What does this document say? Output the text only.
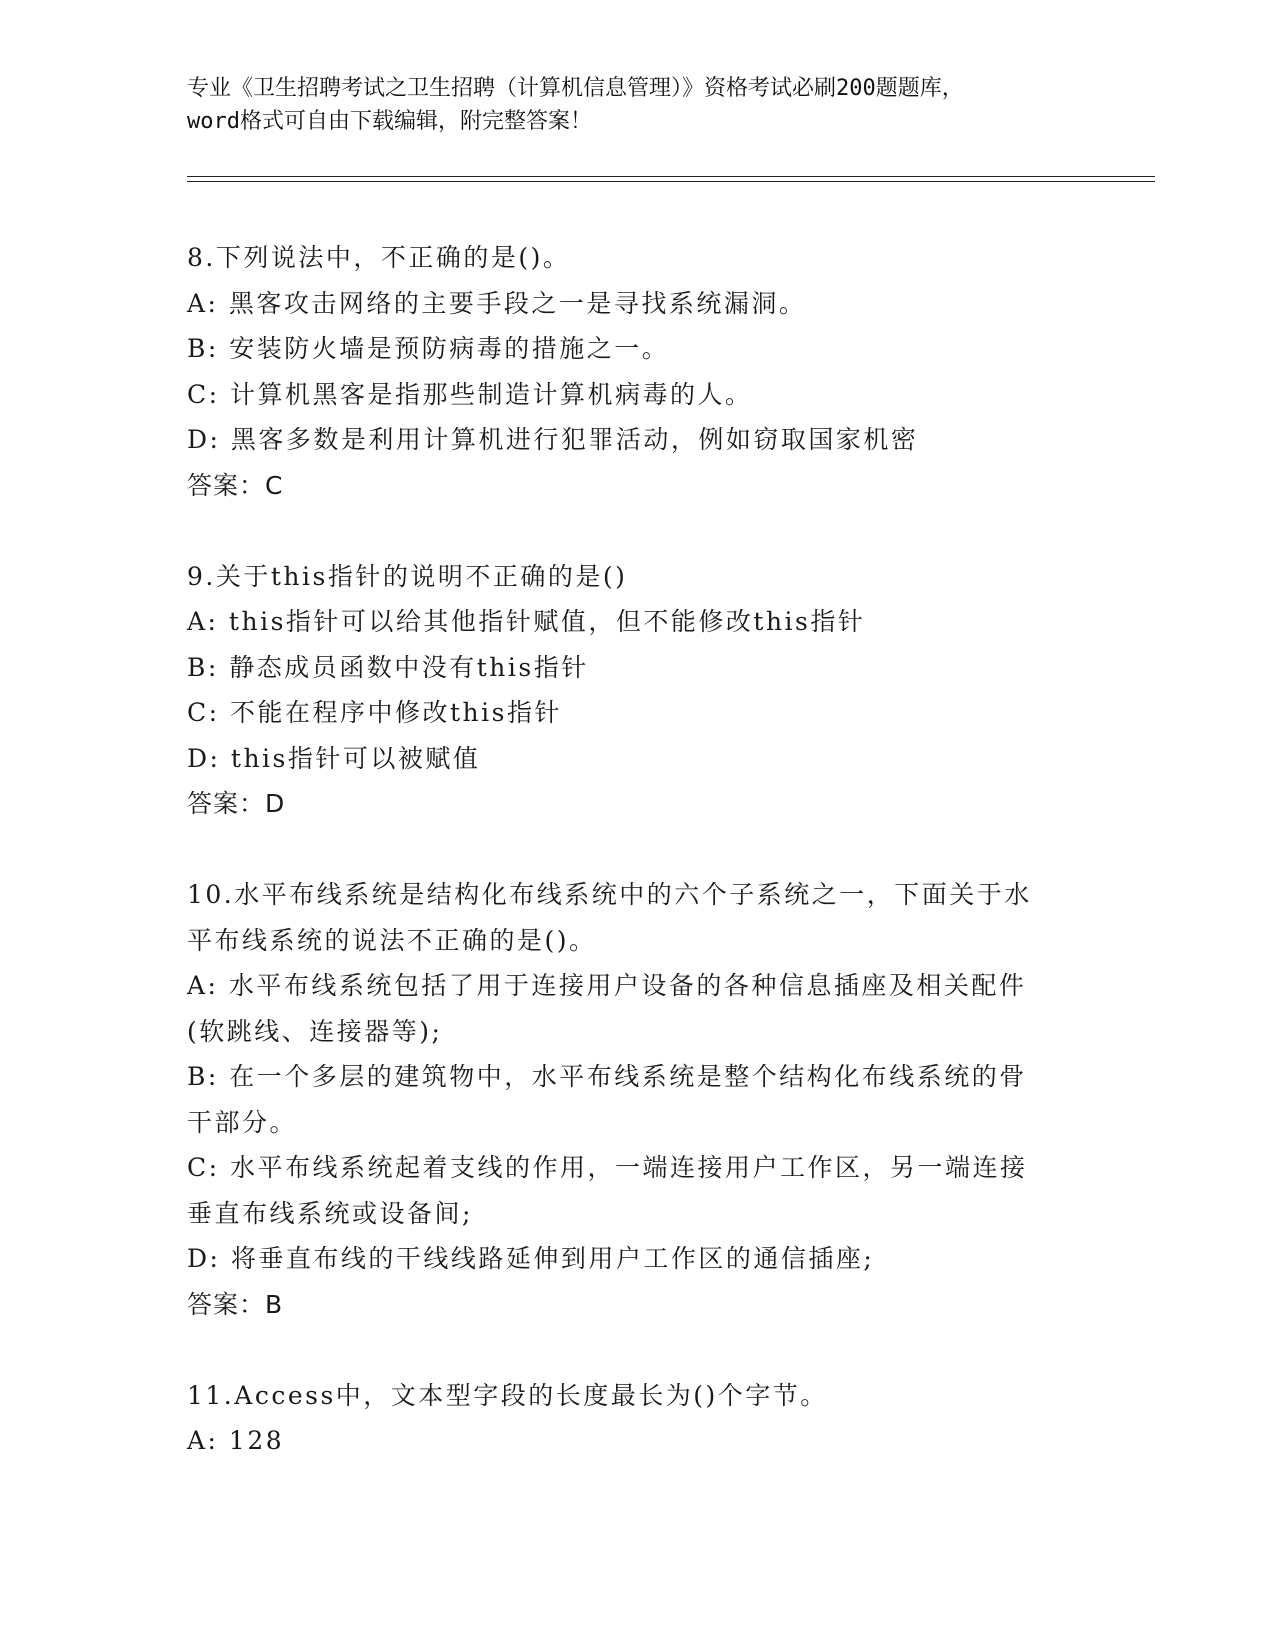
专业《卫生招聘考试之卫生招聘（计算机信息管理）》资格考试必刷200题题库，
word格式可自由下载编辑，附完整答案！
8.下列说法中，不正确的是()。
A: 黑客攻击网络的主要手段之一是寻找系统漏洞。
B: 安装防火墙是预防病毒的措施之一。
C: 计算机黑客是指那些制造计算机病毒的人。
D: 黑客多数是利用计算机进行犯罪活动，例如窃取国家机密
答案：C
9.关于this指针的说明不正确的是()
A: this指针可以给其他指针赋值，但不能修改this指针
B: 静态成员函数中没有this指针
C: 不能在程序中修改this指针
D: this指针可以被赋值
答案：D
10.水平布线系统是结构化布线系统中的六个子系统之一，下面关于水
平布线系统的说法不正确的是()。
A: 水平布线系统包括了用于连接用户设备的各种信息插座及相关配件
(软跳线、连接器等);
B: 在一个多层的建筑物中，水平布线系统是整个结构化布线系统的骨
干部分。
C: 水平布线系统起着支线的作用，一端连接用户工作区，另一端连接
垂直布线系统或设备间;
D: 将垂直布线的干线线路延伸到用户工作区的通信插座;
答案：B
11.Access中，文本型字段的长度最长为()个字节。
A: 128
